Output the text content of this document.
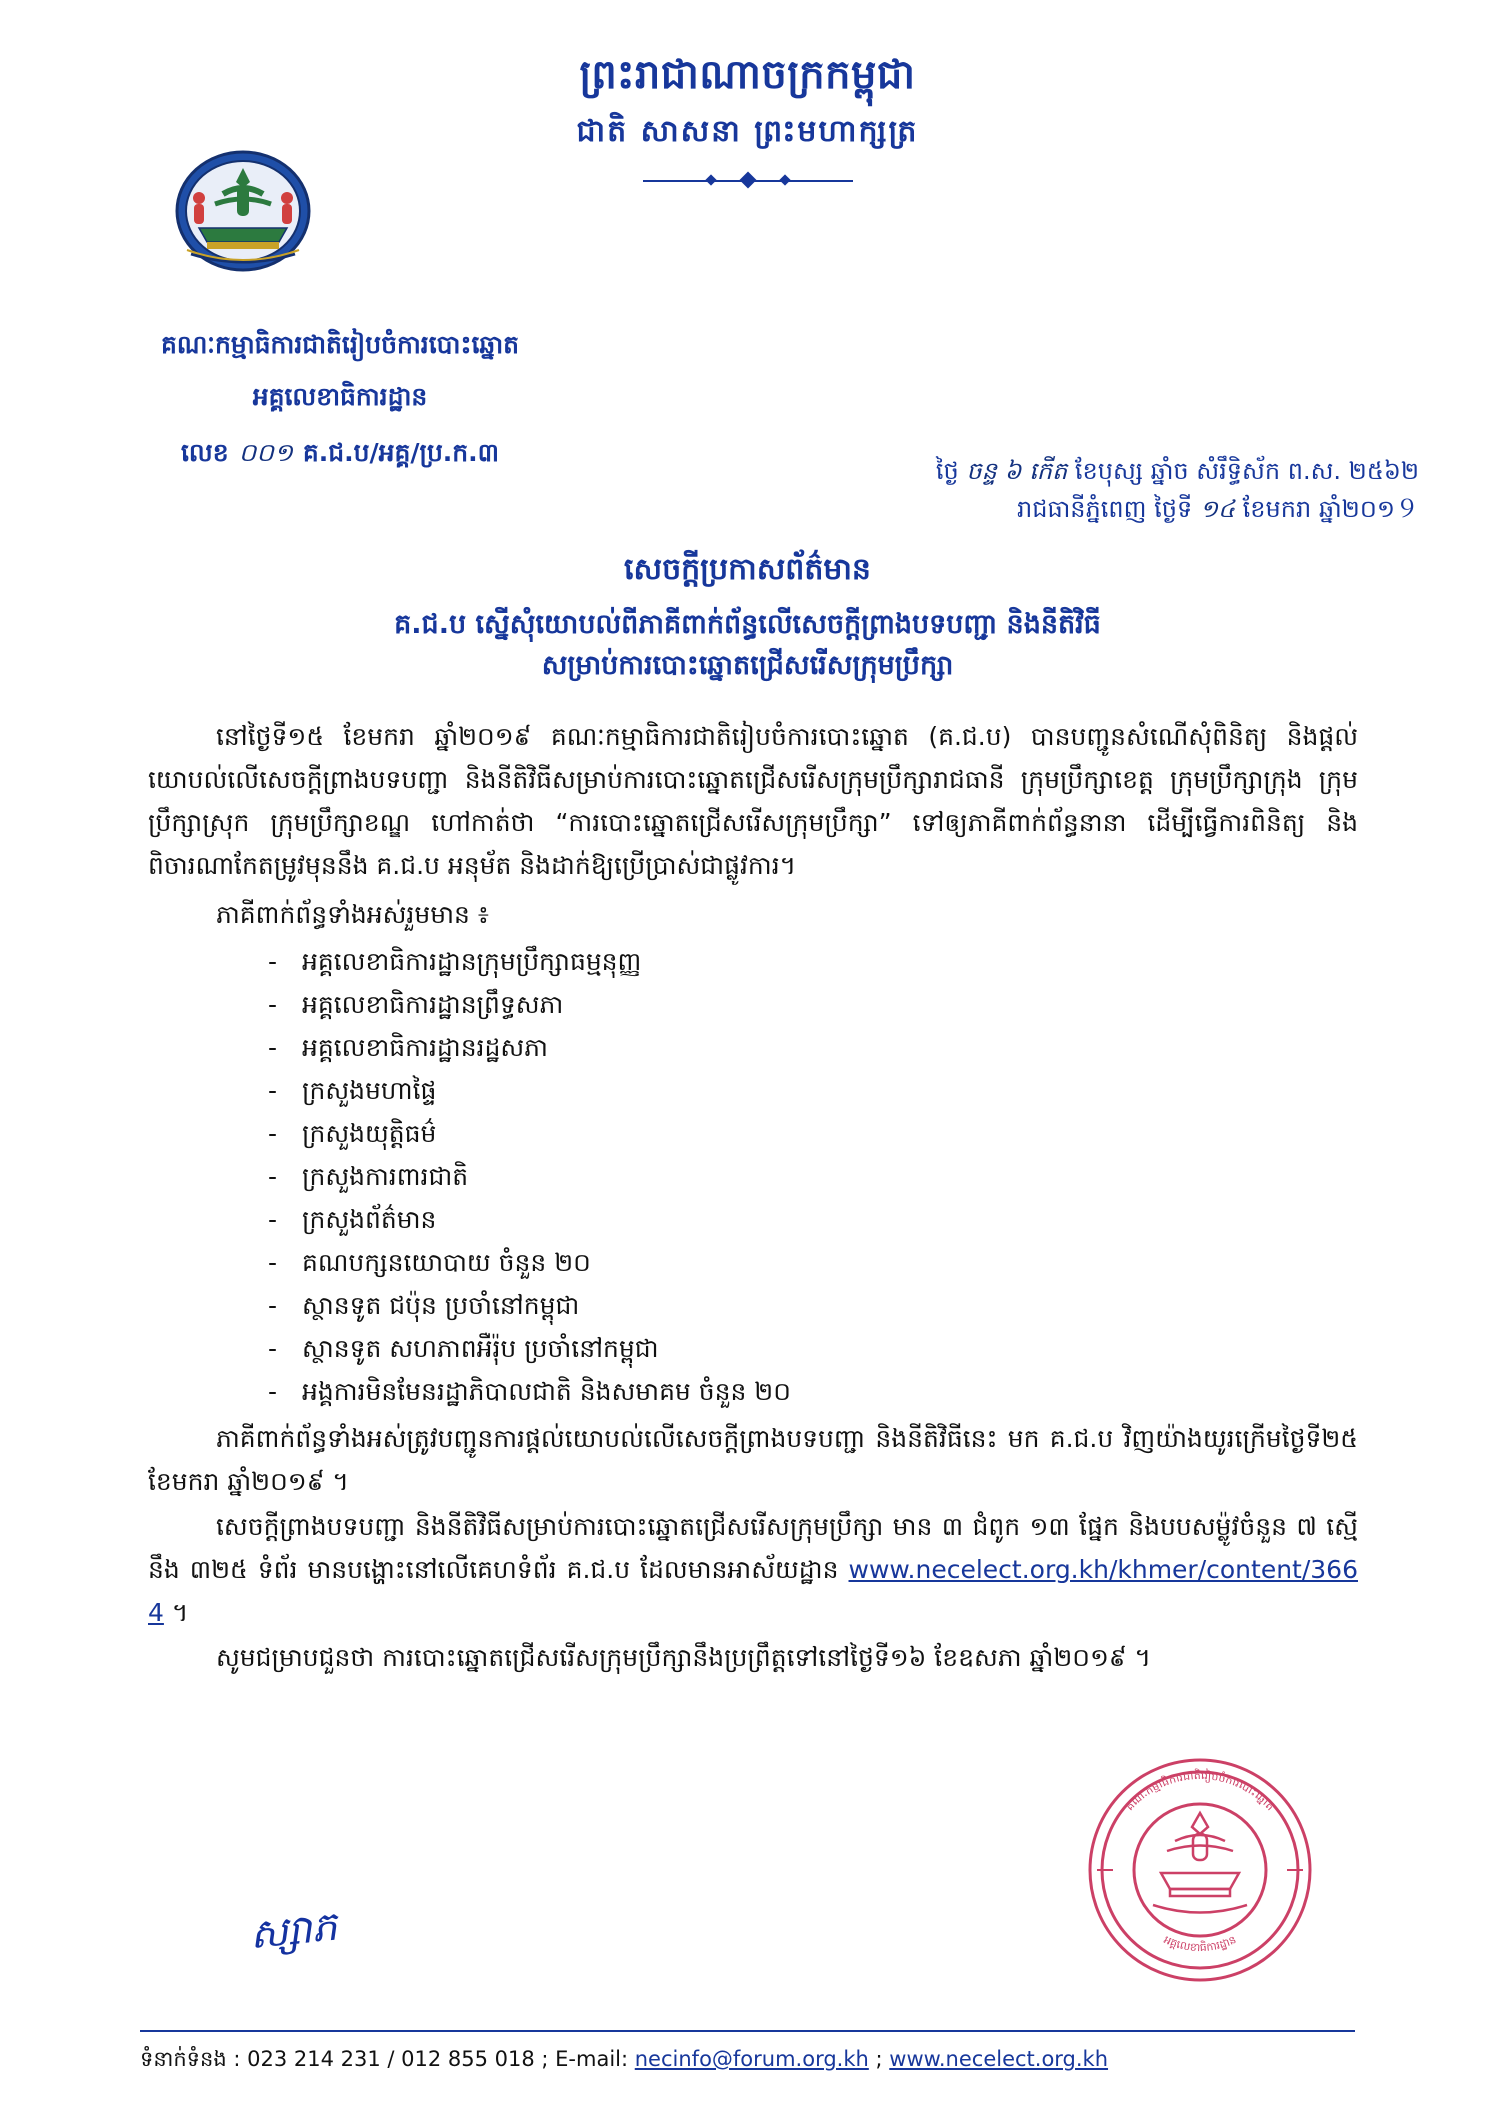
ព្រះរាជាណាចក្រកម្ពុជា
ជាតិ សាសនា ព្រះមហាក្សត្រ
គណៈកម្មាធិការជាតិរៀបចំការបោះឆ្នោត
អគ្គលេខាធិការដ្ឋាន
លេខ ០០១ គ.ជ.ប/អគ្គ/ប្រ.ក.៣
ថ្ងៃ ចន្ទ ៦ កើត ខែបុស្ស ឆ្នាំច សំរឹទ្ធិស័ក ព.ស. ២៥៦២
រាជធានីភ្នំពេញ ថ្ងៃទី ១៤ ខែមករា ឆ្នាំ២០១９
សេចក្តីប្រកាសព័ត៌មាន
គ.ជ.ប ស្នើសុំយោបល់ពីភាគីពាក់ព័ន្ធលើសេចក្តីព្រាងបទបញ្ជា និងនីតិវិធី
សម្រាប់ការបោះឆ្នោតជ្រើសរើសក្រុមប្រឹក្សា
នៅថ្ងៃទី១៥ ខែមករា ឆ្នាំ២០១៩ គណៈកម្មាធិការជាតិរៀបចំការបោះឆ្នោត (គ.ជ.ប) បានបញ្ជូនសំណើសុំពិនិត្យ និងផ្តល់យោបល់លើសេចក្តីព្រាងបទបញ្ជា និងនីតិវិធីសម្រាប់ការបោះឆ្នោតជ្រើសរើសក្រុមប្រឹក្សារាជធានី ក្រុមប្រឹក្សាខេត្ត ក្រុមប្រឹក្សាក្រុង ក្រុមប្រឹក្សាស្រុក ក្រុមប្រឹក្សាខណ្ឌ ហៅកាត់ថា “ការបោះឆ្នោតជ្រើសរើសក្រុមប្រឹក្សា” ទៅឲ្យភាគីពាក់ព័ន្ធនានា ដើម្បីធ្វើការពិនិត្យ និងពិចារណាកែតម្រូវមុននឹង គ.ជ.ប អនុម័ត និងដាក់ឱ្យប្រើប្រាស់ជាផ្លូវការ។
ភាគីពាក់ព័ន្ធទាំងអស់រួមមាន ៖
- អគ្គលេខាធិការដ្ឋានក្រុមប្រឹក្សាធម្មនុញ្ញ
- អគ្គលេខាធិការដ្ឋានព្រឹទ្ធសភា
- អគ្គលេខាធិការដ្ឋានរដ្ឋសភា
- ក្រសួងមហាផ្ទៃ
- ក្រសួងយុត្តិធម៌
- ក្រសួងការពារជាតិ
- ក្រសួងព័ត៌មាន
- គណបក្សនយោបាយ ចំនួន ២០
- ស្ថានទូត ជប៉ុន ប្រចាំនៅកម្ពុជា
- ស្ថានទូត សហភាពអឺរ៉ុប ប្រចាំនៅកម្ពុជា
- អង្គការមិនមែនរដ្ឋាភិបាលជាតិ និងសមាគម ចំនួន ២០
ភាគីពាក់ព័ន្ធទាំងអស់ត្រូវបញ្ជូនការផ្តល់យោបល់លើសេចក្តីព្រាងបទបញ្ជា និងនីតិវិធីនេះ មក គ.ជ.ប វិញយ៉ាងយូរក្រើមថ្ងៃទី២៥ ខែមករា ឆ្នាំ២០១៩ ។
សេចក្តីព្រាងបទបញ្ជា និងនីតិវិធីសម្រាប់ការបោះឆ្នោតជ្រើសរើសក្រុមប្រឹក្សា មាន ៣ ជំពូក ១៣ ផ្នែក និងបបសម៉្លូវចំនួន ៧ ស្មើនឹង ៣២៥ ទំព័រ មានបង្ហោះនៅលើគេហទំព័រ គ.ជ.ប ដែលមានអាស័យដ្ឋាន www.necelect.org.kh/khmer/content/3664 ។
សូមជម្រាបជួនថា ការបោះឆ្នោតជ្រើសរើសក្រុមប្រឹក្សានឹងប្រព្រឹត្តទៅនៅថ្ងៃទី១៦ ខែឧសភា ឆ្នាំ២០១៩ ។
ស្សាភ
គណៈកម្មាធិការជាតិរៀបចំការបោះឆ្នោត
អគ្គលេខាធិការដ្ឋាន
ទំនាក់ទំនង : 023 214 231 / 012 855 018 ; E-mail: necinfo@forum.org.kh ; www.necelect.org.kh
